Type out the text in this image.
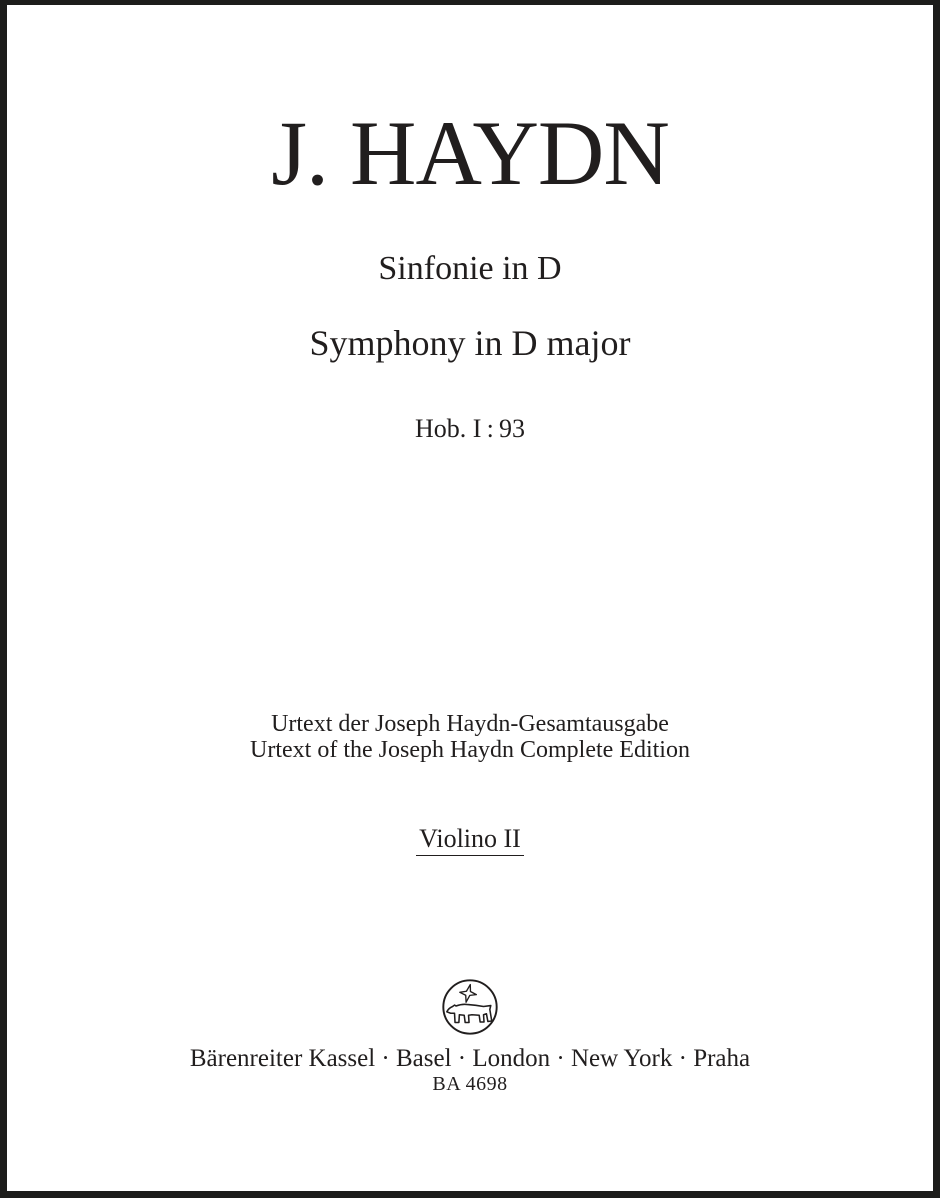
J. HAYDN
Sinfonie in D
Symphony in D major
Hob. I : 93
Urtext der Joseph Haydn-Gesamtausgabe
Urtext of the Joseph Haydn Complete Edition
Violino II
Bärenreiter Kassel · Basel · London · New York · Praha
BA 4698
